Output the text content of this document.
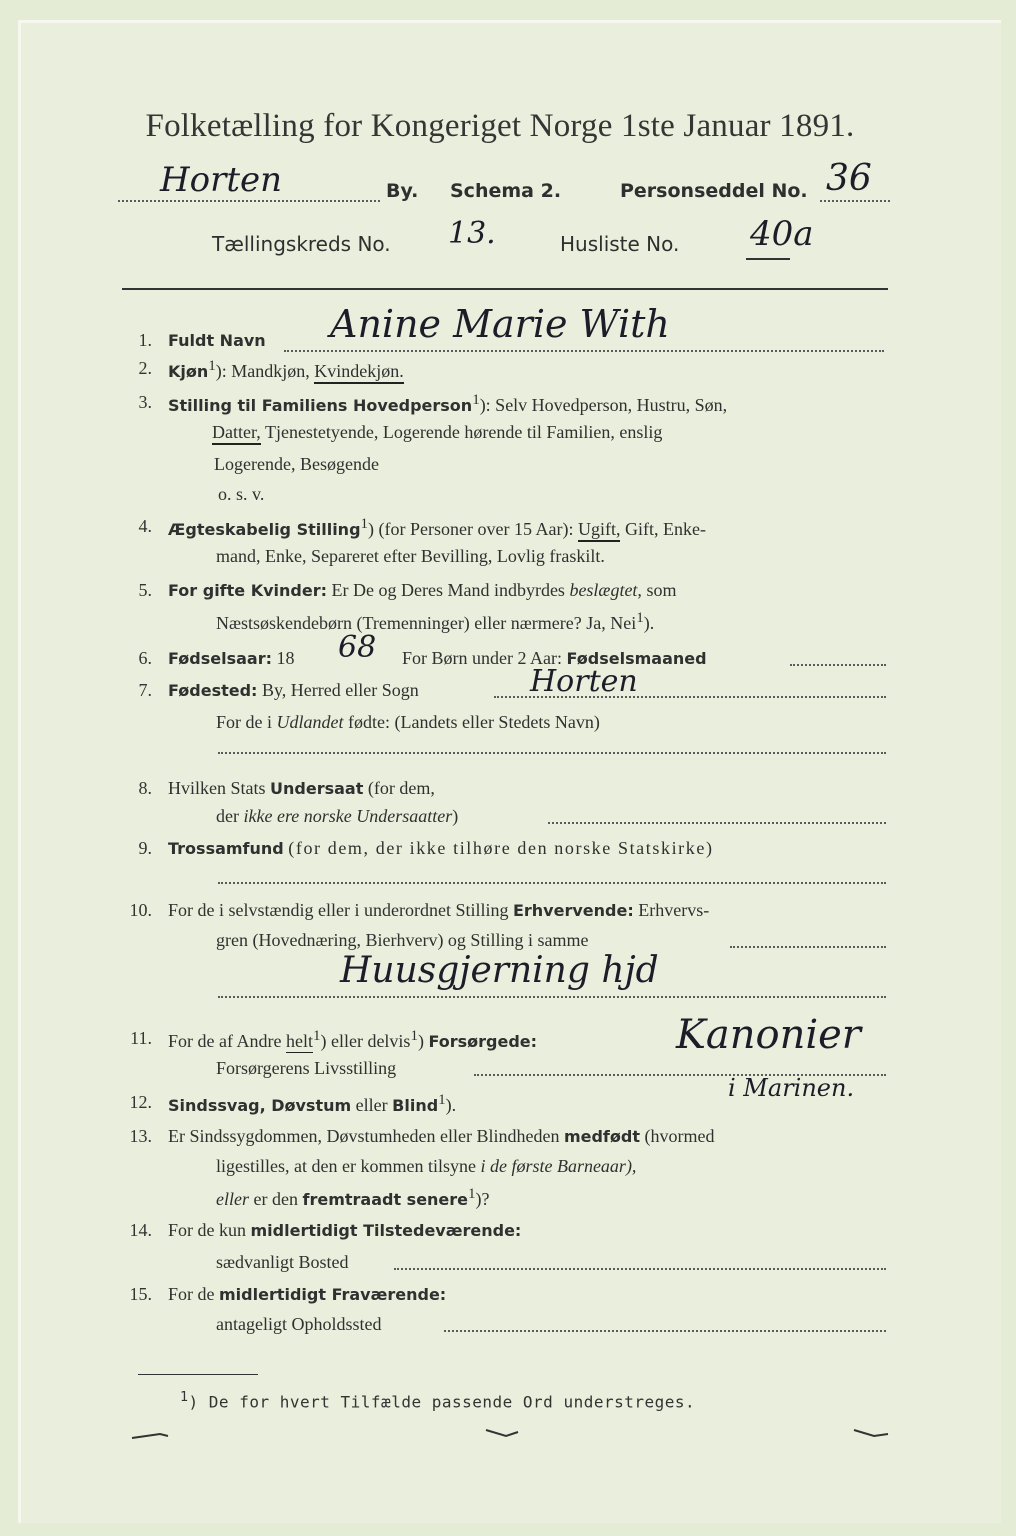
Folketælling for Kongeriget Norge 1ste Januar 1891.
Horten	By. Schema 2.	Personseddel No. 36
Tællingskreds No. 13.	Husliste No. 40a
1. Fuldt Navn Anine Marie With
2. Kjøn$^1$): Mandkjøn, Kvindekjøn.
3. Stilling til Familiens Hovedperson$^1$): Selv Hovedperson, Hustru, Søn,
Datter, Tjenestetyende, Logerende hørende til Familien, enslig
Logerende, Besøgende
o. s. v.
4. Ægteskabelig Stilling$^1$) (for Personer over 15 Aar): Ugift, Gift, Enke-
mand, Enke, Separeret efter Bevilling, Lovlig fraskilt.
5. For gifte Kvinder: Er De og Deres Mand indbyrdes beslægtet, som
Næstsøskendebørn (Tremenninger) eller nærmere? Ja, Nei$^1$).
6. Fødselsaar: 18 68 For Børn under 2 Aar: Fødselsmaaned
7. Fødested: By, Herred eller Sogn	Horten
For de i Udlandet fødte: (Landets eller Stedets Navn)
8. Hvilken Stats Undersaat (for dem,
der ikke ere norske Undersaatter)
9. Trossamfund (for dem, der ikke tilhøre den norske Statskirke)
10. For de i selvstændig eller i underordnet Stilling Erhvervende: Erhvervs-
gren (Hovednæring, Bierhverv) og Stilling i samme
Huusgjerning hjd
11. For de af Andre helt$^1$) eller delvis$^1$) Forsørgede:	Kanonier
Forsørgerens Livsstilling
i Marinen.
12. Sindssvag, Døvstum eller Blind$^1$).
13. Er Sindssygdommen, Døvstumheden eller Blindheden medfødt (hvormed
ligestilles, at den er kommen tilsyne i de første Barneaar),
eller er den fremtraadt senere$^1$)?
14. For de kun midlertidigt Tilstedeværende:
sædvanligt Bosted
15. For de midlertidigt Fraværende:
antageligt Opholdssted
$^1$) De for hvert Tilfælde passende Ord understreges.
